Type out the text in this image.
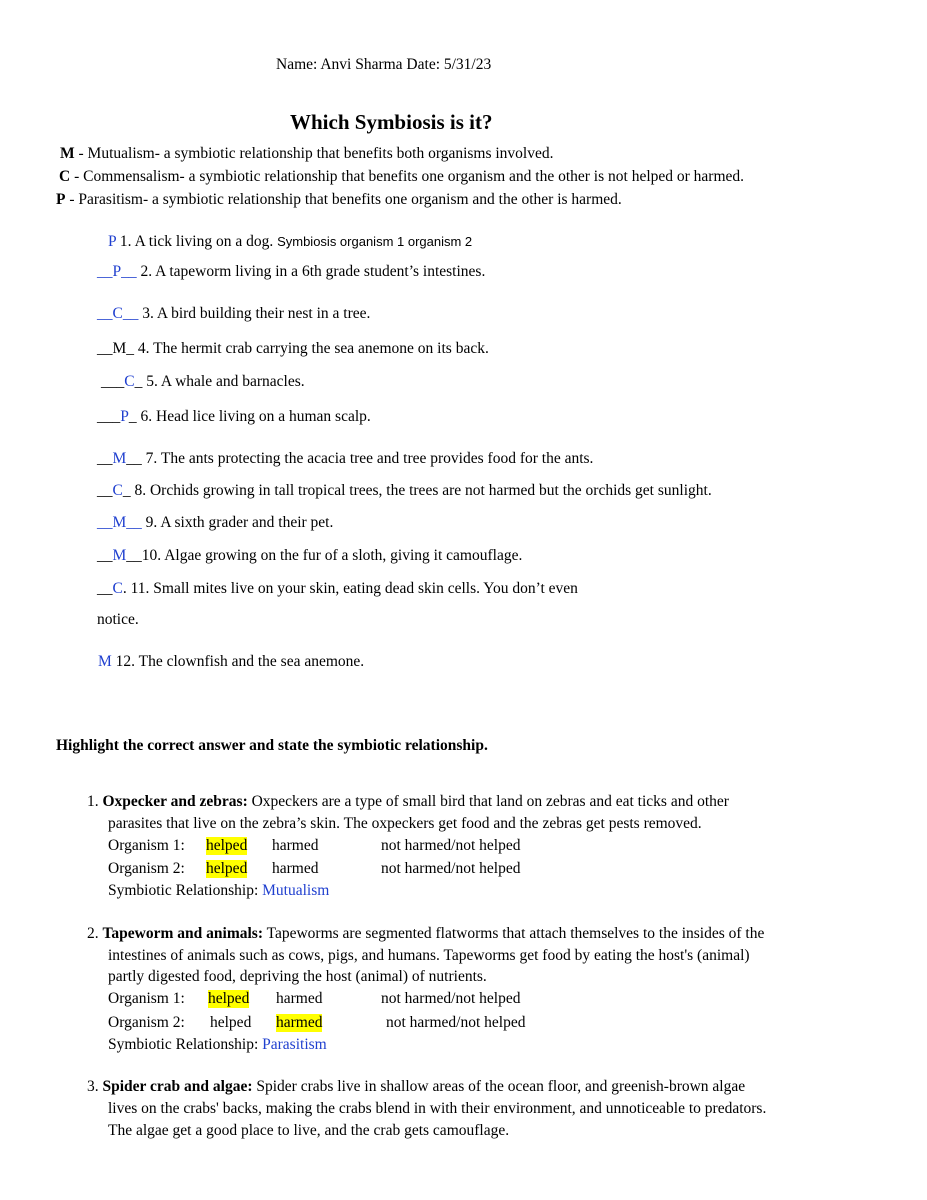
Name: Anvi Sharma Date: 5/31/23
Which Symbiosis is it?
M - Mutualism- a symbiotic relationship that benefits both organisms involved.
C - Commensalism- a symbiotic relationship that benefits one organism and the other is not helped or harmed.
P - Parasitism- a symbiotic relationship that benefits one organism and the other is harmed.
P 1. A tick living on a dog. Symbiosis organism 1 organism 2
__P__ 2. A tapeworm living in a 6th grade student’s intestines.
__C__ 3. A bird building their nest in a tree.
__M_ 4. The hermit crab carrying the sea anemone on its back.
___C_ 5. A whale and barnacles.
___P_ 6. Head lice living on a human scalp.
__M__ 7. The ants protecting the acacia tree and tree provides food for the ants.
__C_ 8. Orchids growing in tall tropical trees, the trees are not harmed but the orchids get sunlight.
__M__ 9. A sixth grader and their pet.
__M__10. Algae growing on the fur of a sloth, giving it camouflage.
__C. 11. Small mites live on your skin, eating dead skin cells. You don’t even
notice.
M 12. The clownfish and the sea anemone.
Highlight the correct answer and state the symbiotic relationship.
1. Oxpecker and zebras: Oxpeckers are a type of small bird that land on zebras and eat ticks and other
parasites that live on the zebra’s skin. The oxpeckers get food and the zebras get pests removed.
Organism 1: helped harmed	not harmed/not helped
Organism 2: helped harmed	not harmed/not helped
Symbiotic Relationship: Mutualism
2. Tapeworm and animals: Tapeworms are segmented flatworms that attach themselves to the insides of the
intestines of animals such as cows, pigs, and humans. Tapeworms get food by eating the host's (animal)
partly digested food, depriving the host (animal) of nutrients.
Organism 1: helped harmed	not harmed/not helped
Organism 2: helped harmed	not harmed/not helped
Symbiotic Relationship: Parasitism
3. Spider crab and algae: Spider crabs live in shallow areas of the ocean floor, and greenish-brown algae
lives on the crabs' backs, making the crabs blend in with their environment, and unnoticeable to predators.
The algae get a good place to live, and the crab gets camouflage.
